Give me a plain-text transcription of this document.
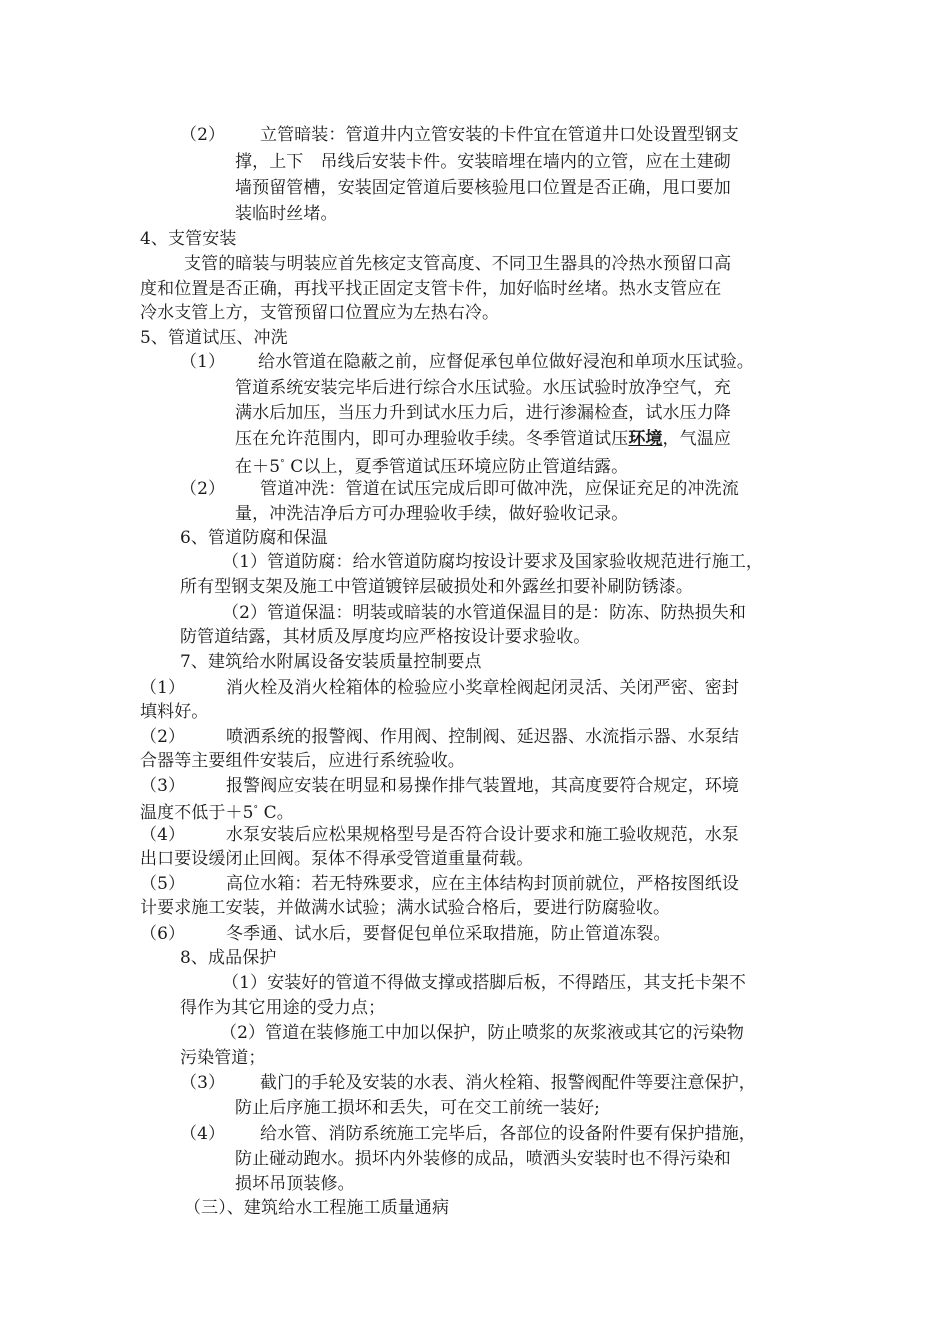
（2） 立管暗装：管道井内立管安装的卡件宜在管道井口处设置型钢支
撑，上下　吊线后安装卡件。安装暗埋在墙内的立管，应在土建砌
墙预留管槽，安装固定管道后要核验甩口位置是否正确，甩口要加
装临时丝堵。
4、支管安装
支管的暗装与明装应首先核定支管高度、不同卫生器具的冷热水预留口高
度和位置是否正确，再找平找正固定支管卡件，加好临时丝堵。热水支管应在
冷水支管上方，支管预留口位置应为左热右冷。
5、管道试压、冲洗
（1） 给水管道在隐蔽之前，应督促承包单位做好浸泡和单项水压试验。
管道系统安装完毕后进行综合水压试验。水压试验时放净空气，充
满水后加压，当压力升到试水压力后，进行渗漏检查，试水压力降
压在允许范围内，即可办理验收手续。冬季管道试压环境，气温应
在＋5° C以上，夏季管道试压环境应防止管道结露。
（2） 管道冲洗：管道在试压完成后即可做冲洗，应保证充足的冲洗流
量，冲洗洁净后方可办理验收手续，做好验收记录。
6、管道防腐和保温
（1）管道防腐：给水管道防腐均按设计要求及国家验收规范进行施工，
所有型钢支架及施工中管道镀锌层破损处和外露丝扣要补刷防锈漆。
（2）管道保温：明装或暗装的水管道保温目的是：防冻、防热损失和
防管道结露，其材质及厚度均应严格按设计要求验收。
7、建筑给水附属设备安装质量控制要点
（1） 消火栓及消火栓箱体的检验应小奖章栓阀起闭灵活、关闭严密、密封
填料好。
（2） 喷洒系统的报警阀、作用阀、控制阀、延迟器、水流指示器、水泵结
合器等主要组件安装后，应进行系统验收。
（3） 报警阀应安装在明显和易操作排气装置地，其高度要符合规定，环境
温度不低于＋5° C。
（4） 水泵安装后应松果规格型号是否符合设计要求和施工验收规范，水泵
出口要设缓闭止回阀。泵体不得承受管道重量荷载。
（5） 高位水箱：若无特殊要求，应在主体结构封顶前就位，严格按图纸设
计要求施工安装，并做满水试验；满水试验合格后，要进行防腐验收。
（6） 冬季通、试水后，要督促包单位采取措施，防止管道冻裂。
8、成品保护
（1）安装好的管道不得做支撑或搭脚后板，不得踏压，其支托卡架不
得作为其它用途的受力点；
（2）管道在装修施工中加以保护，防止喷浆的灰浆液或其它的污染物
污染管道；
（3） 截门的手轮及安装的水表、消火栓箱、报警阀配件等要注意保护，
防止后序施工损坏和丢失，可在交工前统一装好;
（4） 给水管、消防系统施工完毕后，各部位的设备附件要有保护措施，
防止碰动跑水。损坏内外装修的成品，喷洒头安装时也不得污染和
损坏吊顶装修。
（三）、建筑给水工程施工质量通病
